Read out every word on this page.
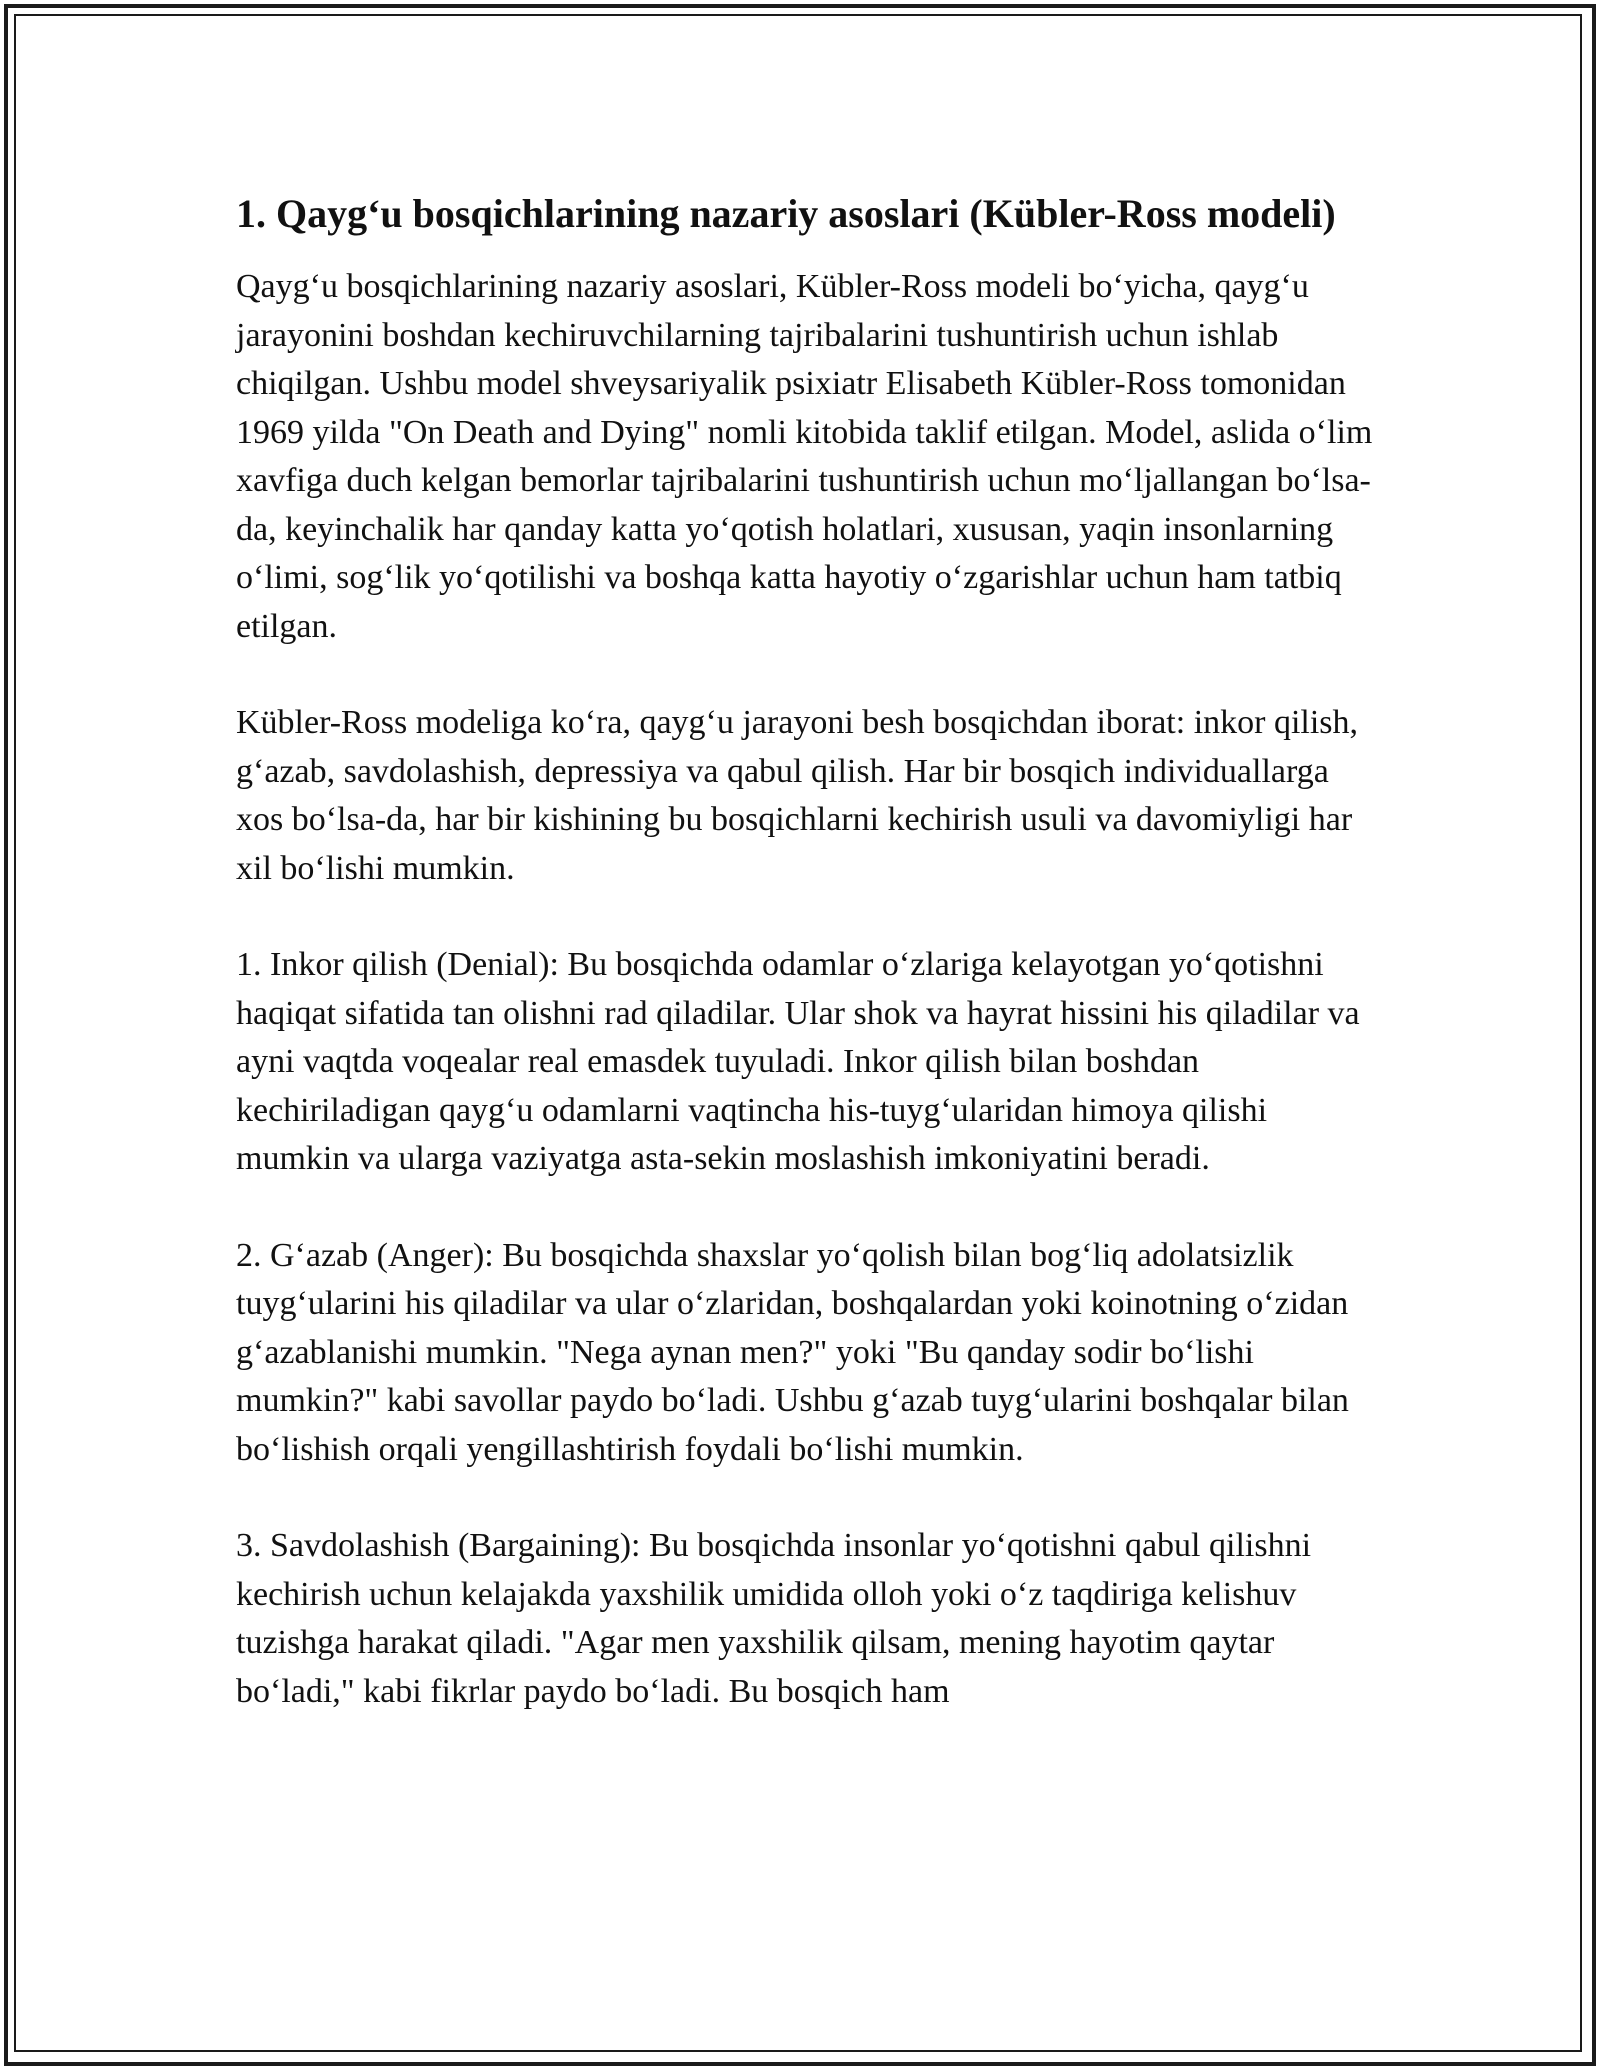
1. Qayg‘u bosqichlarining nazariy asoslari (Kübler-Ross modeli)

Qayg‘u bosqichlarining nazariy asoslari, Kübler-Ross modeli bo‘yicha, qayg‘u jarayonini boshdan kechiruvchilarning tajribalarini tushuntirish uchun ishlab chiqilgan. Ushbu model shveysariyalik psixiatr Elisabeth Kübler-Ross tomonidan 1969 yilda "On Death and Dying" nomli kitobida taklif etilgan. Model, aslida o‘lim xavfiga duch kelgan bemorlar tajribalarini tushuntirish uchun mo‘ljallangan bo‘lsa-da, keyinchalik har qanday katta yo‘qotish holatlari, xususan, yaqin insonlarning o‘limi, sog‘lik yo‘qotilishi va boshqa katta hayotiy o‘zgarishlar uchun ham tatbiq etilgan.

Kübler-Ross modeliga ko‘ra, qayg‘u jarayoni besh bosqichdan iborat: inkor qilish, g‘azab, savdolashish, depressiya va qabul qilish. Har bir bosqich individuallarga xos bo‘lsa-da, har bir kishining bu bosqichlarni kechirish usuli va davomiyligi har xil bo‘lishi mumkin.

1. Inkor qilish (Denial): Bu bosqichda odamlar o‘zlariga kelayotgan yo‘qotishni haqiqat sifatida tan olishni rad qiladilar. Ular shok va hayrat hissini his qiladilar va ayni vaqtda voqealar real emasdek tuyuladi. Inkor qilish bilan boshdan kechiriladigan qayg‘u odamlarni vaqtincha his-tuyg‘ularidan himoya qilishi mumkin va ularga vaziyatga asta-sekin moslashish imkoniyatini beradi.

2. G‘azab (Anger): Bu bosqichda shaxslar yo‘qolish bilan bog‘liq adolatsizlik tuyg‘ularini his qiladilar va ular o‘zlaridan, boshqalardan yoki koinotning o‘zidan g‘azablanishi mumkin. "Nega aynan men?" yoki "Bu qanday sodir bo‘lishi mumkin?" kabi savollar paydo bo‘ladi. Ushbu g‘azab tuyg‘ularini boshqalar bilan bo‘lishish orqali yengillashtirish foydali bo‘lishi mumkin.

3. Savdolashish (Bargaining): Bu bosqichda insonlar yo‘qotishni qabul qilishni kechirish uchun kelajakda yaxshilik umidida olloh yoki o‘z taqdiriga kelishuv tuzishga harakat qiladi. "Agar men yaxshilik qilsam, mening hayotim qaytar bo‘ladi," kabi fikrlar paydo bo‘ladi. Bu bosqich ham
